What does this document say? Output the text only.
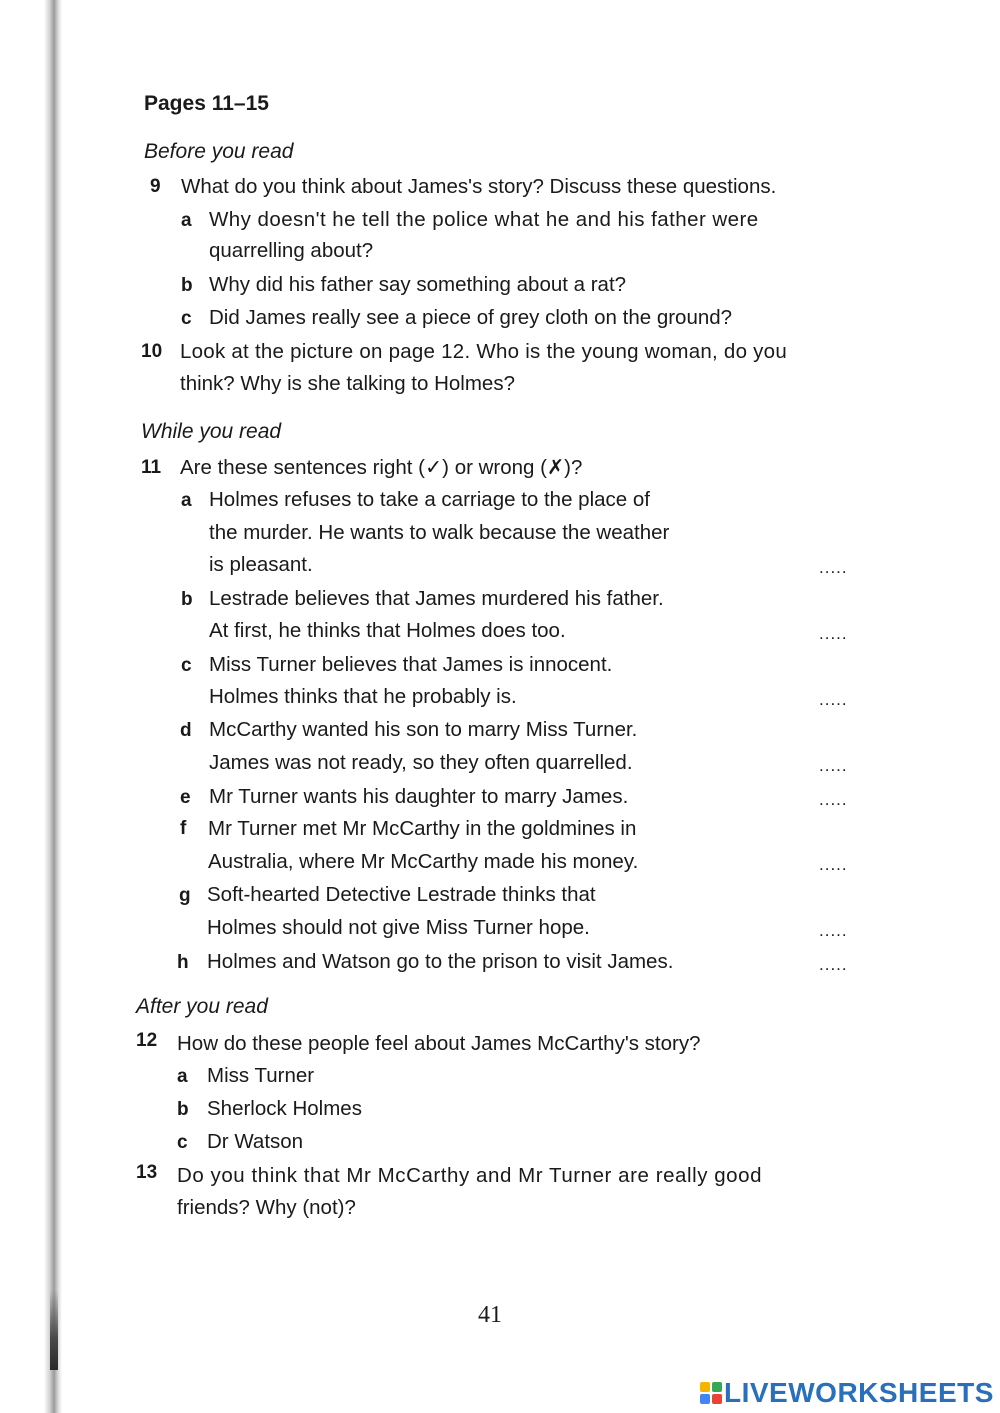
Pages 11–15
Before you read
9 What do you think about James's story? Discuss these questions.
a Why doesn't he tell the police what he and his father were
quarrelling about?
b Why did his father say something about a rat?
c Did James really see a piece of grey cloth on the ground?
10 Look at the picture on page 12. Who is the young woman, do you
think? Why is she talking to Holmes?
While you read
11 Are these sentences right (✓) or wrong (✗)?
a Holmes refuses to take a carriage to the place of
the murder. He wants to walk because the weather
is pleasant.	.....
b Lestrade believes that James murdered his father.
At first, he thinks that Holmes does too.	.....
c Miss Turner believes that James is innocent.
Holmes thinks that he probably is.	.....
d McCarthy wanted his son to marry Miss Turner.
James was not ready, so they often quarrelled.	.....
e Mr Turner wants his daughter to marry James.	.....
f Mr Turner met Mr McCarthy in the goldmines in
Australia, where Mr McCarthy made his money.	.....
g Soft-hearted Detective Lestrade thinks that
Holmes should not give Miss Turner hope.	.....
h Holmes and Watson go to the prison to visit James.	.....
After you read
12 How do these people feel about James McCarthy's story?
a Miss Turner
b Sherlock Holmes
c Dr Watson
13 Do you think that Mr McCarthy and Mr Turner are really good
friends? Why (not)?
41
LIVEWORKSHEETS
